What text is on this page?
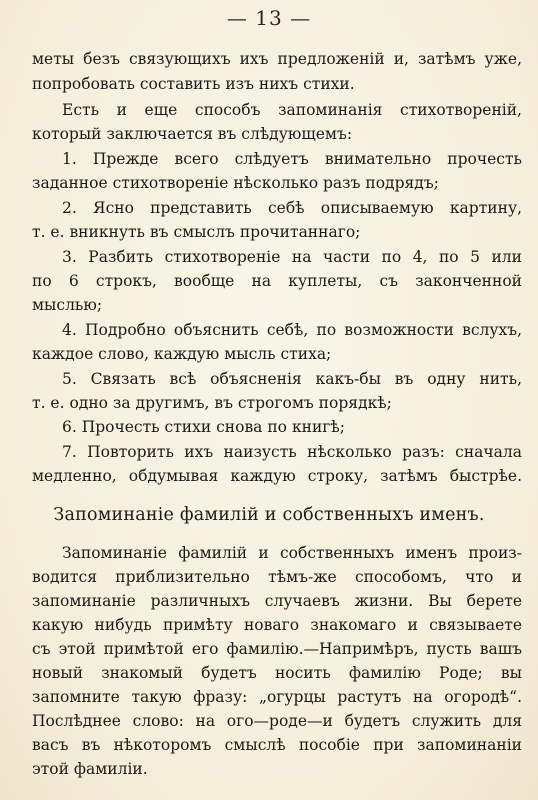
— 13 —
меты безъ связующихъ ихъ предложеній и, затѣмъ уже,
попробовать составить изъ нихъ стихи.
Есть и еще способъ запоминанія стихотвореній,
который заключается въ слѣдующемъ:
1. Прежде всего слѣдуетъ внимательно прочесть
заданное стихотвореніе нѣсколько разъ подрядъ;
2. Ясно представить себѣ описываемую картину,
т. е. вникнуть въ смыслъ прочитаннаго;
3. Разбить стихотвореніе на части по 4, по 5 или
по 6 строкъ, вообще на куплеты, съ законченной
мыслью;
4. Подробно объяснить себѣ, по возможности вслухъ,
каждое слово, каждую мысль стиха;
5. Связать всѣ объясненія какъ-бы въ одну нить,
т. е. одно за другимъ, въ строгомъ порядкѣ;
6. Прочесть стихи снова по книгѣ;
7. Повторить ихъ наизусть нѣсколько разъ: сначала
медленно, обдумывая каждую строку, затѣмъ быстрѣе.
Запоминаніе фамилій и собственныхъ именъ.
Запоминаніе фамилій и собственныхъ именъ произ-
водится приблизительно тѣмъ-же способомъ, что и
запоминаніе различныхъ случаевъ жизни. Вы берете
какую нибудь примѣту новаго знакомаго и связываете
съ этой примѣтой его фамилію.—Напримѣръ, пусть вашъ
новый знакомый будетъ носить фамилію Роде; вы
запомните такую фразу: „огурцы растутъ на огородѣ“.
Послѣднее слово: на ого—роде—и будетъ служить для
васъ въ нѣкоторомъ смыслѣ пособіе при запоминаніи
этой фамиліи.
